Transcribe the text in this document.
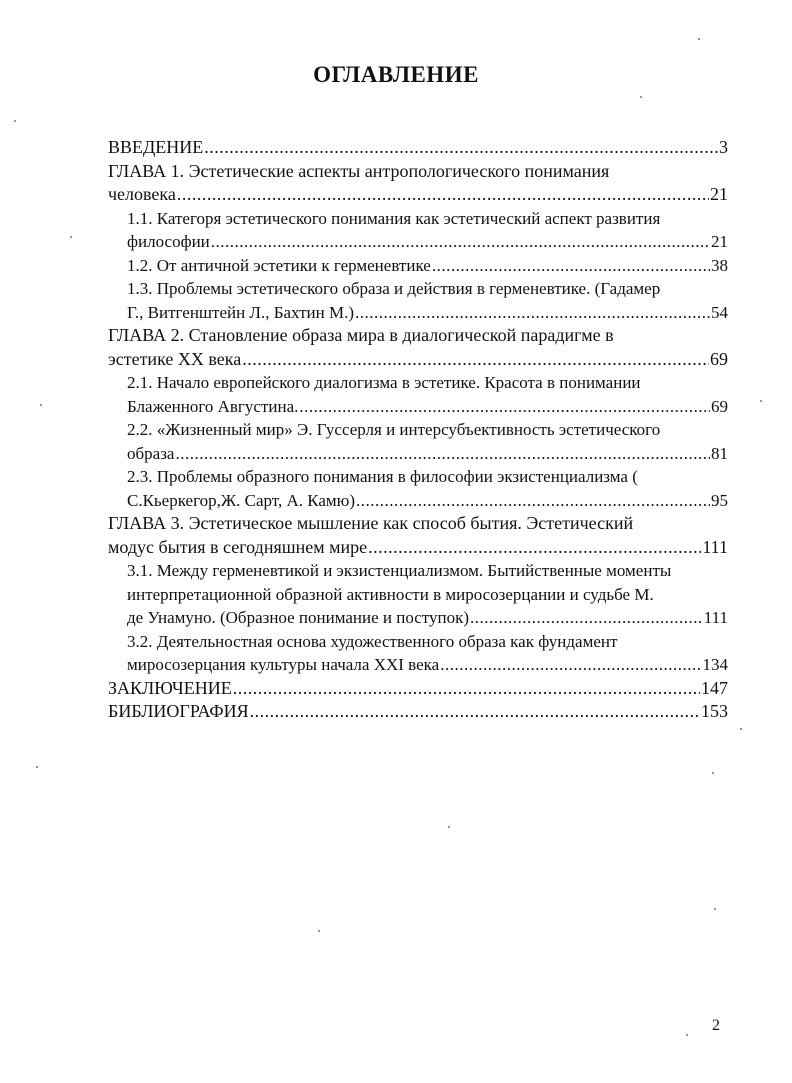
ОГЛАВЛЕНИЕ
ВВЕДЕНИЕ .....	3
ГЛАВА 1. Эстетические аспекты антропологического понимания
человека .....	21
1.1. Категоря эстетического понимания как эстетический аспект развития
философии .....	21
1.2. От античной эстетики к герменевтике .....	38
1.3. Проблемы эстетического образа и действия в герменевтике. (Гадамер
Г., Витгенштейн Л., Бахтин М.) .....	54
ГЛАВА 2. Становление образа мира в диалогической парадигме в
эстетике XX века .....	69
2.1. Начало европейского диалогизма в эстетике. Красота в понимании
Блаженного Августина. .....	69
2.2. «Жизненный мир» Э. Гуссерля и интерсубъективность эстетического
образа .....	81
2.3. Проблемы образного понимания в философии экзистенциализма (
С.Кьеркегор,Ж. Сарт, А. Камю) .....	95
ГЛАВА 3. Эстетическое мышление как способ бытия. Эстетический
модус бытия в сегодняшнем мире .....	111
3.1. Между герменевтикой и экзистенциализмом. Бытийственные моменты
интерпретационной образной активности в миросозерцании и судьбе М.
де Унамуно. (Образное понимание и поступок) .....	111
3.2. Деятельностная основа художественного образа как фундамент
миросозерцания культуры начала XXI века .....	134
ЗАКЛЮЧЕНИЕ .....	147
БИБЛИОГРАФИЯ .....	153
2
